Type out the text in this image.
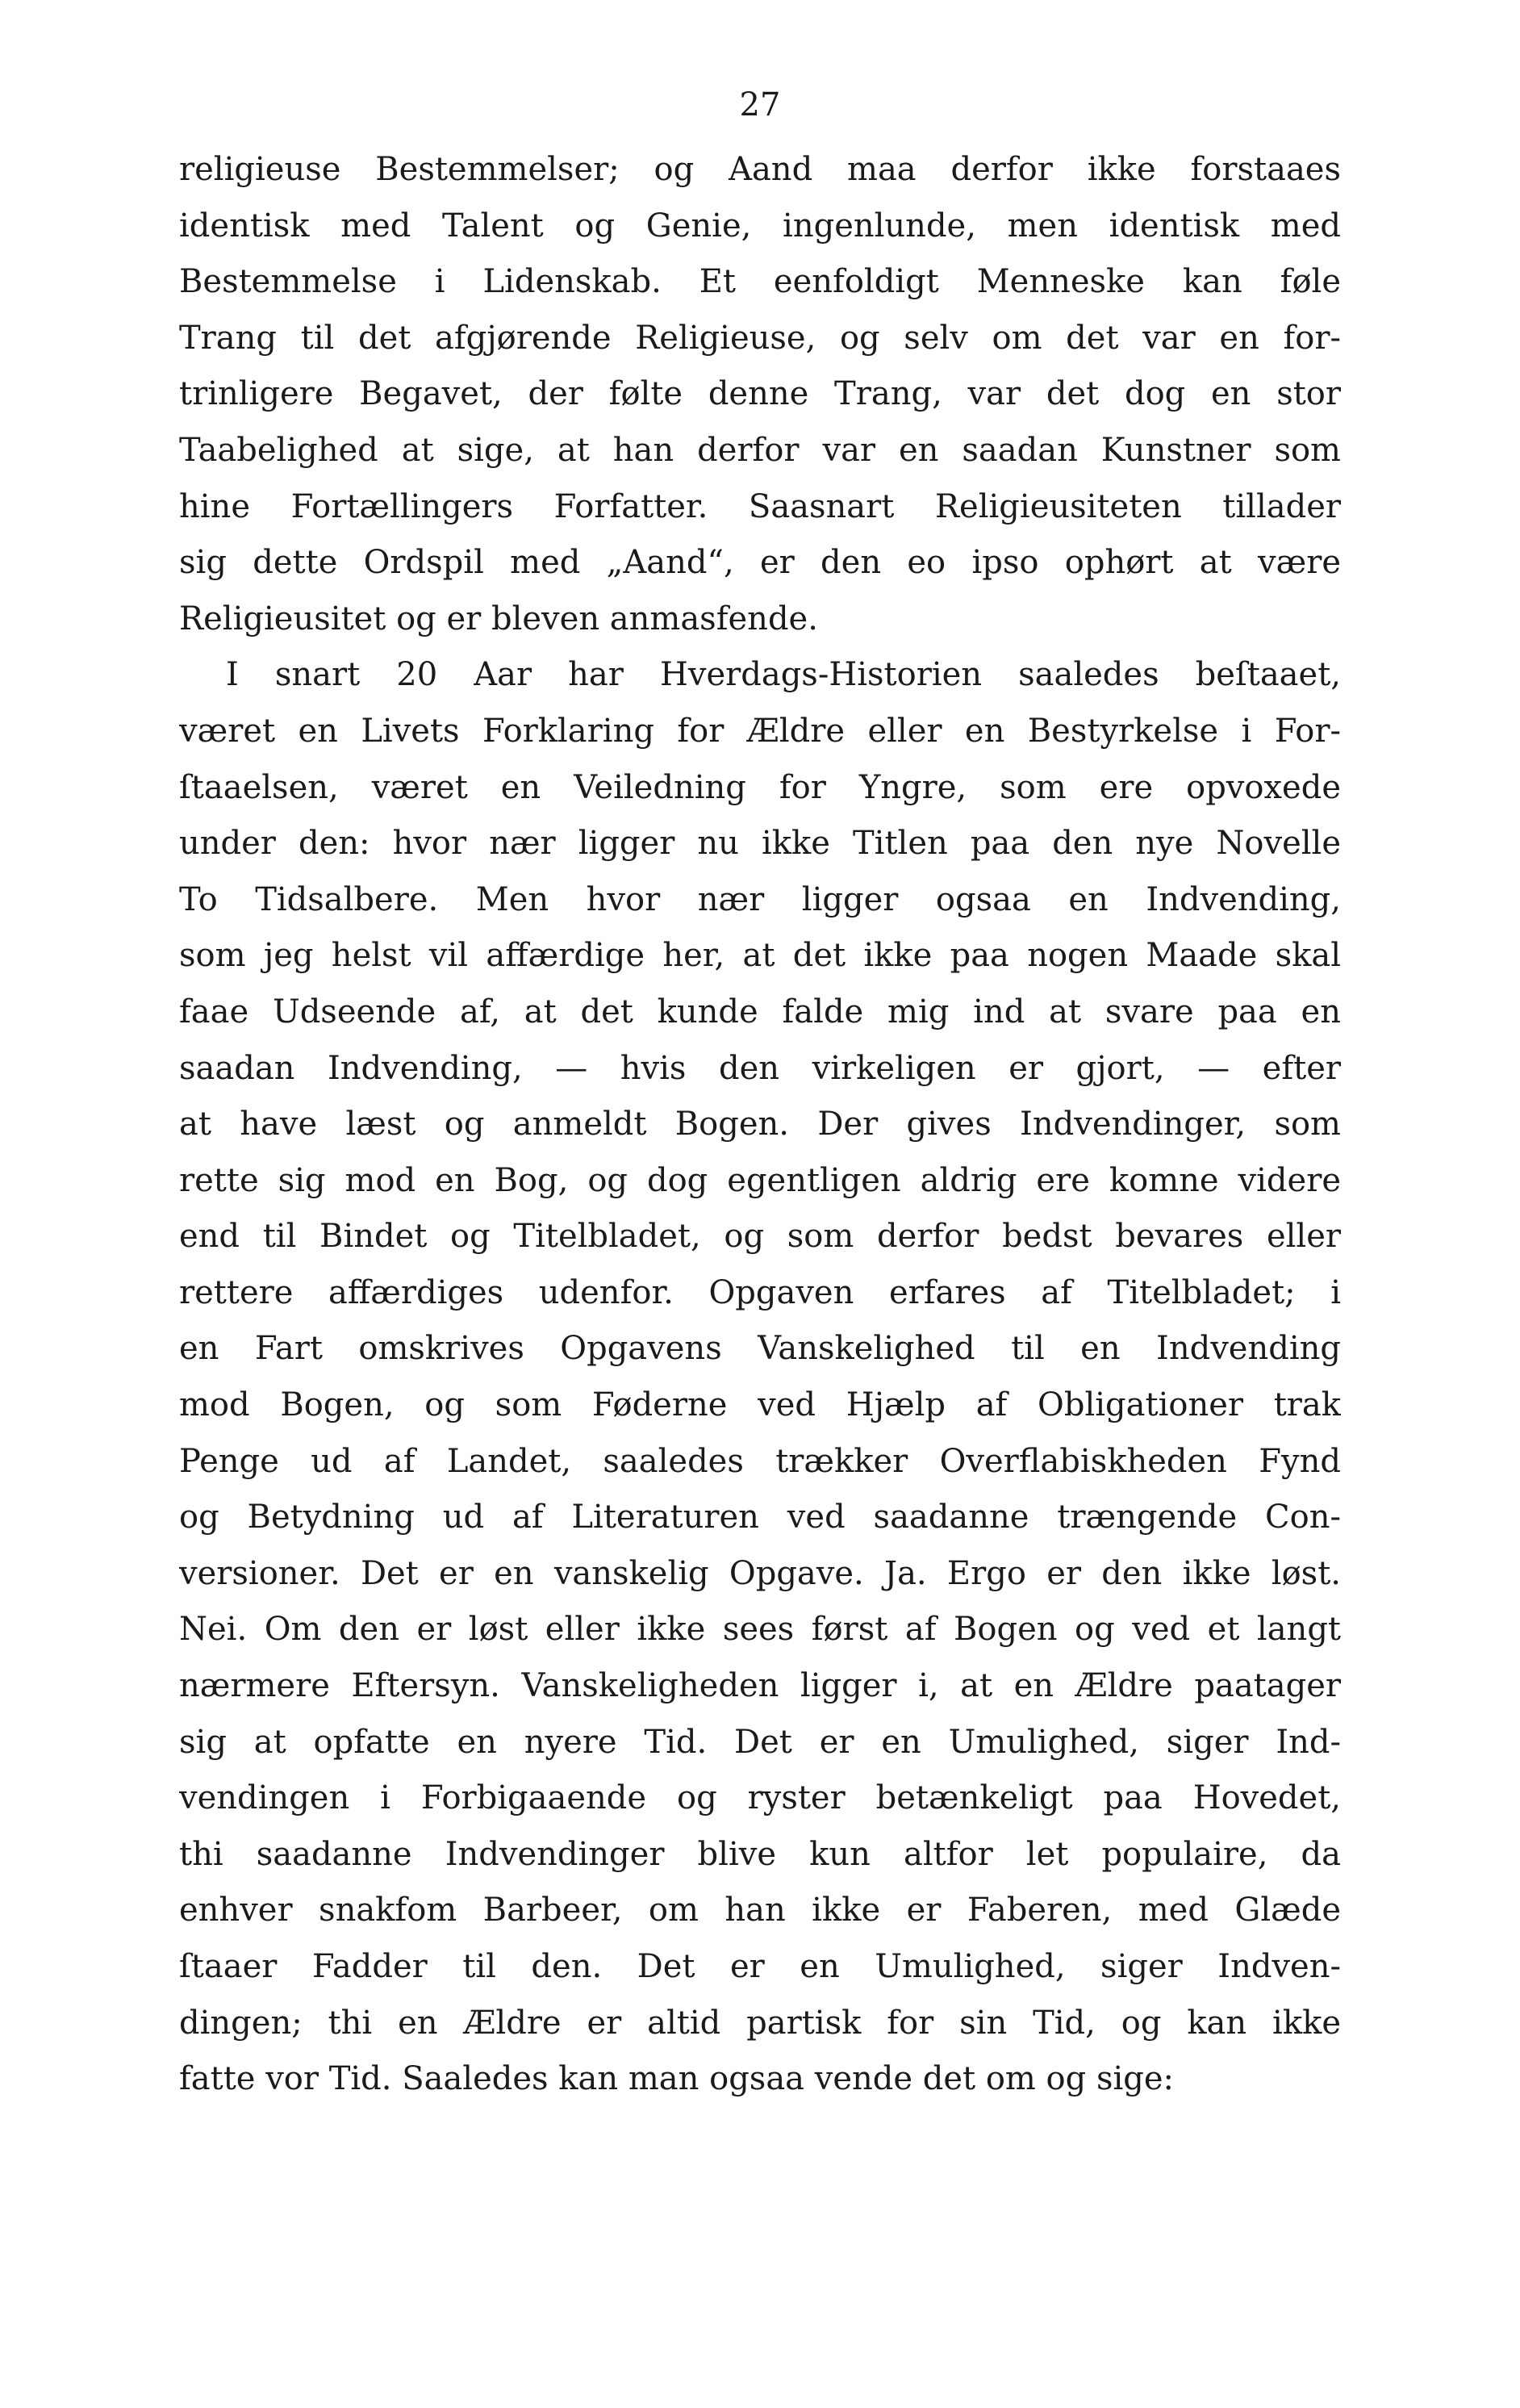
27
religieuse Bestemmelser; og Aand maa derfor ikke forstaaes
identisk med Talent og Genie, ingenlunde, men identisk med
Bestemmelse i Lidenskab. Et eenfoldigt Menneske kan føle
Trang til det afgjørende Religieuse, og selv om det var en for-
trinligere Begavet, der følte denne Trang, var det dog en stor
Taabelighed at sige, at han derfor var en saadan Kunstner som
hine Fortællingers Forfatter. Saasnart Religieusiteten tillader
sig dette Ordspil med „Aand“, er den eo ipso ophørt at være
Religieusitet og er bleven anmasfende.
I snart 20 Aar har Hverdags-Historien saaledes beſtaaet,
været en Livets Forklaring for Ældre eller en Bestyrkelse i For-
ſtaaelsen, været en Veiledning for Yngre, som ere opvoxede
under den: hvor nær ligger nu ikke Titlen paa den nye Novelle
To Tidsalbere. Men hvor nær ligger ogsaa en Indvending,
som jeg helst vil affærdige her, at det ikke paa nogen Maade skal
faae Udseende af, at det kunde falde mig ind at svare paa en
saadan Indvending, — hvis den virkeligen er gjort, — efter
at have læst og anmeldt Bogen. Der gives Indvendinger, som
rette sig mod en Bog, og dog egentligen aldrig ere komne videre
end til Bindet og Titelbladet, og som derfor bedst bevares eller
rettere affærdiges udenfor. Opgaven erfares af Titelbladet; i
en Fart omskrives Opgavens Vanskelighed til en Indvending
mod Bogen, og som Føderne ved Hjælp af Obligationer trak
Penge ud af Landet, saaledes trækker Overflabiskheden Fynd
og Betydning ud af Literaturen ved saadanne trængende Con-
versioner. Det er en vanskelig Opgave. Ja. Ergo er den ikke løst.
Nei. Om den er løst eller ikke sees først af Bogen og ved et langt
nærmere Eftersyn. Vanskeligheden ligger i, at en Ældre paatager
sig at opfatte en nyere Tid. Det er en Umulighed, siger Ind-
vendingen i Forbigaaende og ryster betænkeligt paa Hovedet,
thi saadanne Indvendinger blive kun altfor let populaire, da
enhver snakfom Barbeer, om han ikke er Faberen, med Glæde
ſtaaer Fadder til den. Det er en Umulighed, siger Indven-
dingen; thi en Ældre er altid partisk for sin Tid, og kan ikke
fatte vor Tid. Saaledes kan man ogsaa vende det om og sige:
